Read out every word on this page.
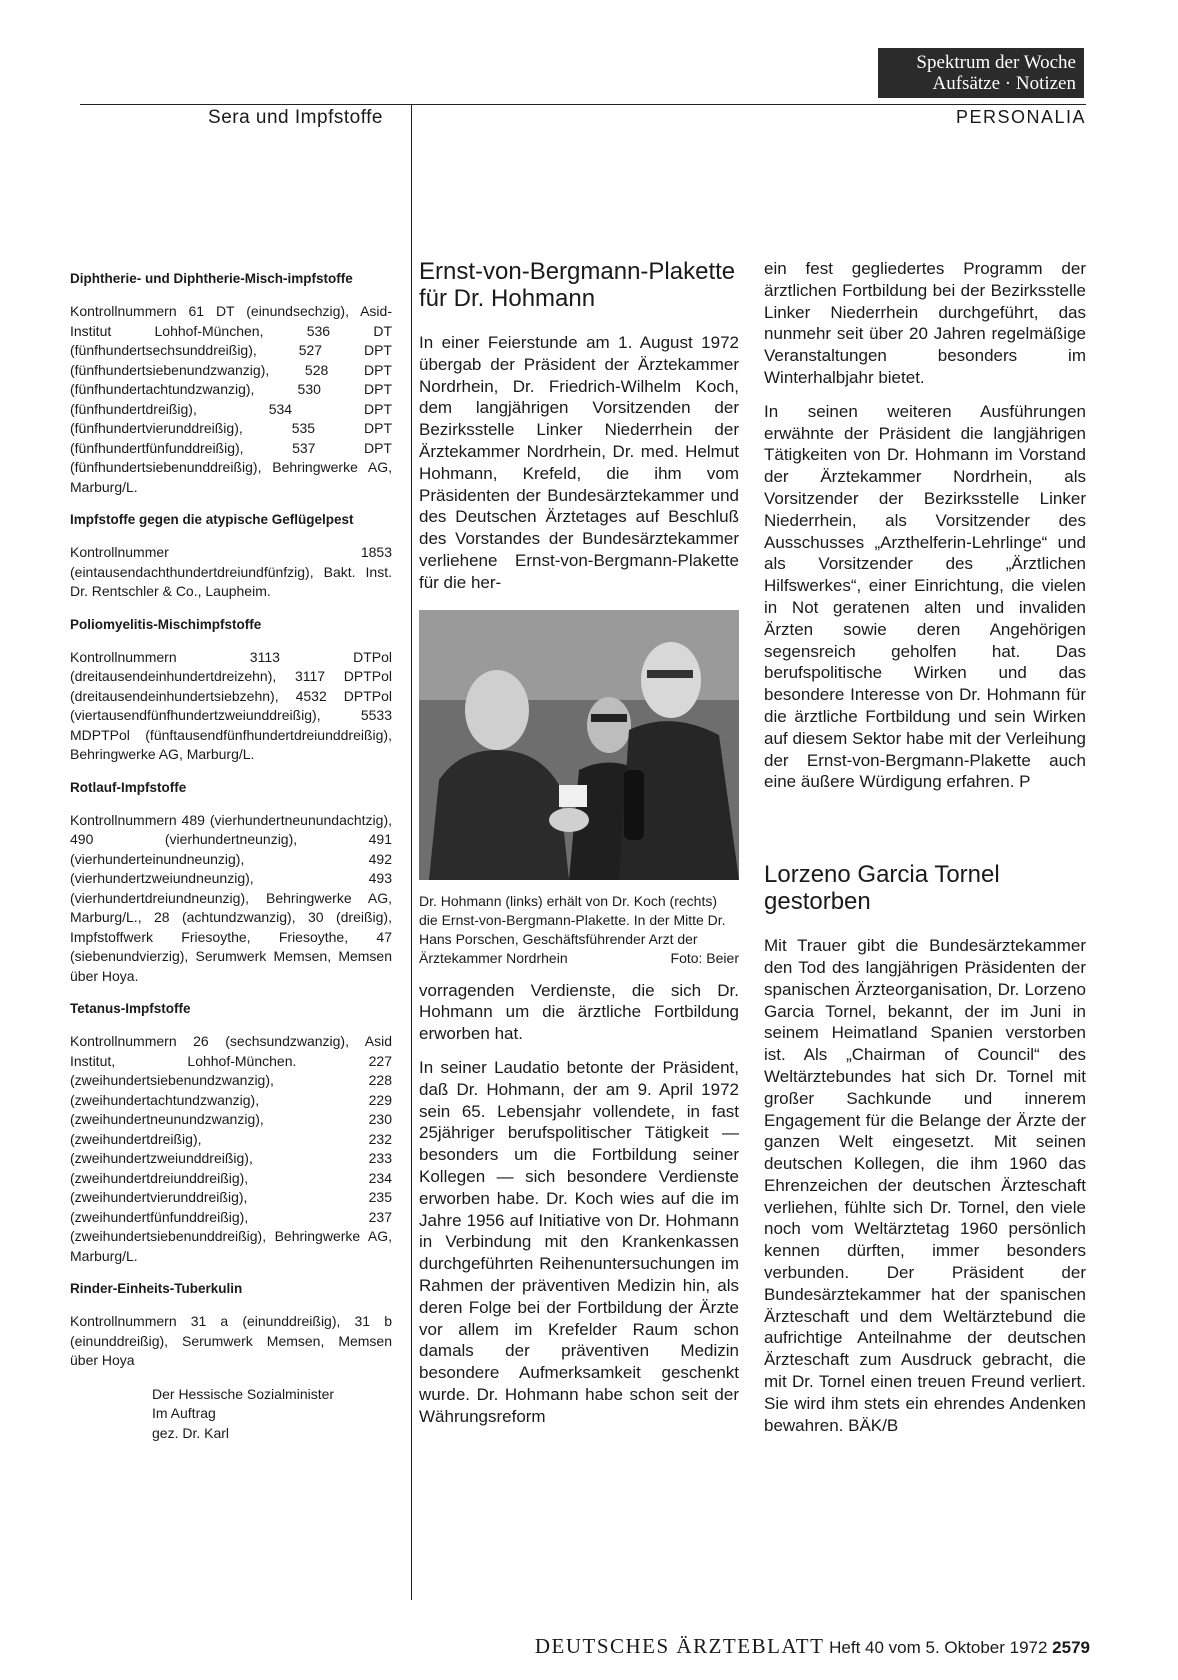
Spektrum der Woche
Aufsätze · Notizen
Sera und Impfstoffe	PERSONALIA
Diphtherie- und Diphtherie-Misch-impfstoffe

Kontrollnummern 61 DT (einundsechzig), Asid-Institut Lohhof-München, 536 DT (fünfhundertsechsunddreißig), 527 DPT (fünfhundertsiebenundzwanzig), 528 DPT (fünfhundertachtundzwanzig), 530 DPT (fünfhundertdreißig), 534 DPT (fünfhundertvierunddreißig), 535 DPT (fünfhundertfünfunddreißig), 537 DPT (fünfhundertsiebenunddreißig), Behringwerke AG, Marburg/L.

Impfstoffe gegen die atypische Geflügelpest

Kontrollnummer 1853 (eintausendachthundertdreiundfünfzig), Bakt. Inst. Dr. Rentschler & Co., Laupheim.

Poliomyelitis-Mischimpfstoffe

Kontrollnummern 3113 DTPol (dreitausendeinhundertdreizehn), 3117 DPTPol (dreitausendeinhundertsiebzehn), 4532 DPTPol (viertausendfünfhundertzweiunddreißig), 5533 MDPTPol (fünftausendfünfhundertdreiunddreißig), Behringwerke AG, Marburg/L.

Rotlauf-Impfstoffe

Kontrollnummern 489 (vierhundertneunundachtzig), 490 (vierhundertneunzig), 491 (vierhunderteinundneunzig), 492 (vierhundertzweiundneunzig), 493 (vierhundertdreiundneunzig), Behringwerke AG, Marburg/L., 28 (achtundzwanzig), 30 (dreißig), Impfstoffwerk Friesoythe, Friesoythe, 47 (siebenundvierzig), Serumwerk Memsen, Memsen über Hoya.

Tetanus-Impfstoffe

Kontrollnummern 26 (sechsundzwanzig), Asid Institut, Lohhof-München. 227 (zweihundertsiebenundzwanzig), 228 (zweihundertachtundzwanzig), 229 (zweihundertneunundzwanzig), 230 (zweihundertdreißig), 232 (zweihundertzweiunddreißig), 233 (zweihundertdreiunddreißig), 234 (zweihundertvierunddreißig), 235 (zweihundertfünfunddreißig), 237 (zweihundertsiebenunddreißig), Behringwerke AG, Marburg/L.

Rinder-Einheits-Tuberkulin

Kontrollnummern 31 a (einunddreißig), 31 b (einunddreißig), Serumwerk Memsen, Memsen über Hoya

Der Hessische Sozialminister
Im Auftrag
gez. Dr. Karl
Ernst-von-Bergmann-Plakette für Dr. Hohmann

In einer Feierstunde am 1. August 1972 übergab der Präsident der Ärztekammer Nordrhein, Dr. Friedrich-Wilhelm Koch, dem langjährigen Vorsitzenden der Bezirksstelle Linker Niederrhein der Ärztekammer Nordrhein, Dr. med. Helmut Hohmann, Krefeld, die ihm vom Präsidenten der Bundesärztekammer und des Deutschen Ärztetages auf Beschluß des Vorstandes der Bundesärztekammer verliehene Ernst-von-Bergmann-Plakette für die her-

Dr. Hohmann (links) erhält von Dr. Koch (rechts) die Ernst-von-Bergmann-Plakette. In der Mitte Dr. Hans Porschen, Geschäftsführender Arzt der Ärztekammer Nordrhein	Foto: Beier

vorragenden Verdienste, die sich Dr. Hohmann um die ärztliche Fortbildung erworben hat.

In seiner Laudatio betonte der Präsident, daß Dr. Hohmann, der am 9. April 1972 sein 65. Lebensjahr vollendete, in fast 25jähriger berufspolitischer Tätigkeit — besonders um die Fortbildung seiner Kollegen — sich besondere Verdienste erworben habe. Dr. Koch wies auf die im Jahre 1956 auf Initiative von Dr. Hohmann in Verbindung mit den Krankenkassen durchgeführten Reihenuntersuchungen im Rahmen der präventiven Medizin hin, als deren Folge bei der Fortbildung der Ärzte vor allem im Krefelder Raum schon damals der präventiven Medizin besondere Aufmerksamkeit geschenkt wurde. Dr. Hohmann habe schon seit der Währungsreform

ein fest gegliedertes Programm der ärztlichen Fortbildung bei der Bezirksstelle Linker Niederrhein durchgeführt, das nunmehr seit über 20 Jahren regelmäßige Veranstaltungen besonders im Winterhalbjahr bietet.

In seinen weiteren Ausführungen erwähnte der Präsident die langjährigen Tätigkeiten von Dr. Hohmann im Vorstand der Ärztekammer Nordrhein, als Vorsitzender der Bezirksstelle Linker Niederrhein, als Vorsitzender des Ausschusses „Arzthelferin-Lehrlinge“ und als Vorsitzender des „Ärztlichen Hilfswerkes“, einer Einrichtung, die vielen in Not geratenen alten und invaliden Ärzten sowie deren Angehörigen segensreich geholfen hat. Das berufspolitische Wirken und das besondere Interesse von Dr. Hohmann für die ärztliche Fortbildung und sein Wirken auf diesem Sektor habe mit der Verleihung der Ernst-von-Bergmann-Plakette auch eine äußere Würdigung erfahren. P

Lorzeno Garcia Tornel gestorben

Mit Trauer gibt die Bundesärztekammer den Tod des langjährigen Präsidenten der spanischen Ärzteorganisation, Dr. Lorzeno Garcia Tornel, bekannt, der im Juni in seinem Heimatland Spanien verstorben ist. Als „Chairman of Council“ des Weltärztebundes hat sich Dr. Tornel mit großer Sachkunde und innerem Engagement für die Belange der Ärzte der ganzen Welt eingesetzt. Mit seinen deutschen Kollegen, die ihm 1960 das Ehrenzeichen der deutschen Ärzteschaft verliehen, fühlte sich Dr. Tornel, den viele noch vom Weltärztetag 1960 persönlich kennen dürften, immer besonders verbunden. Der Präsident der Bundesärztekammer hat der spanischen Ärzteschaft und dem Weltärztebund die aufrichtige Anteilnahme der deutschen Ärzteschaft zum Ausdruck gebracht, die mit Dr. Tornel einen treuen Freund verliert. Sie wird ihm stets ein ehrendes Andenken bewahren. BÄK/B

DEUTSCHES ÄRZTEBLATT Heft 40 vom 5. Oktober 1972 2579
